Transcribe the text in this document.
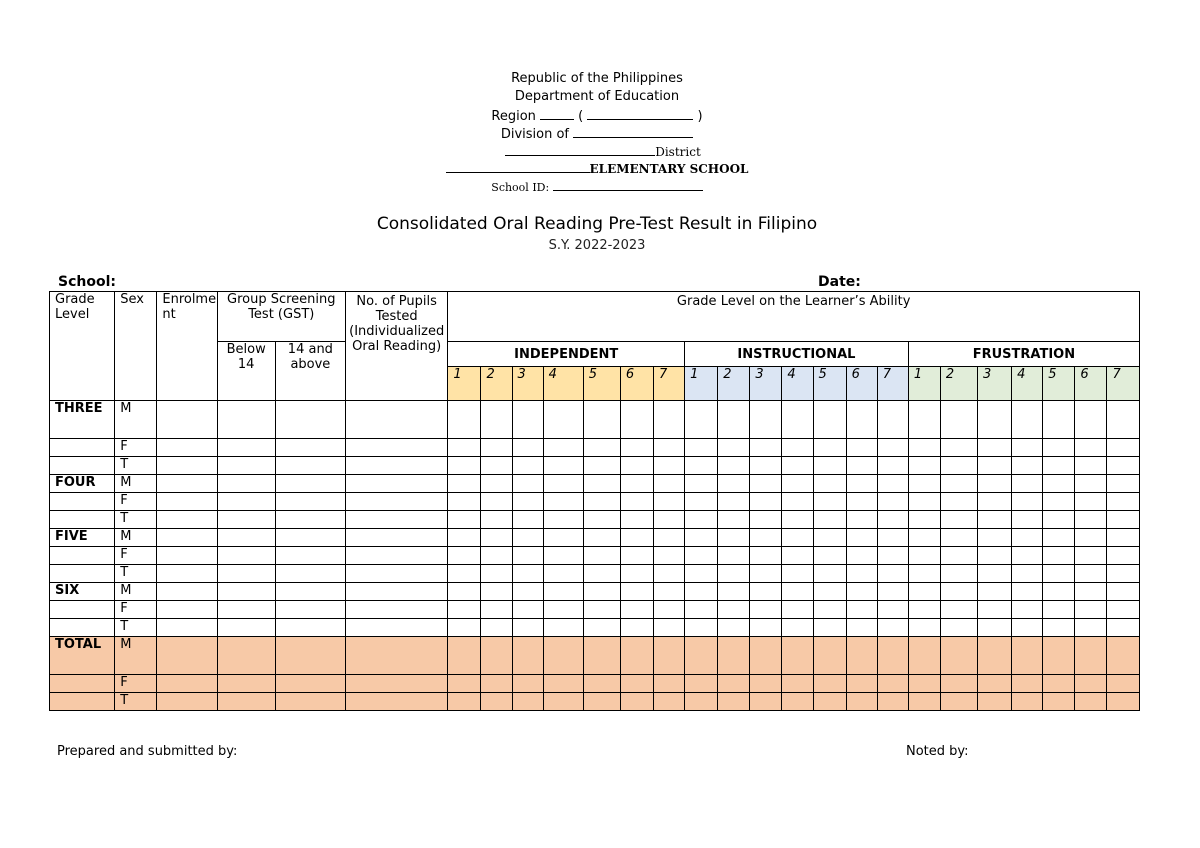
Republic of the Philippines
Department of Education
Region	(	)
Division of
District
ELEMENTARY SCHOOL
School ID:
Consolidated Oral Reading Pre-Test Result in Filipino
S.Y. 2022-2023
School:	Date:
Grade Level	Sex	Enrolment	Group Screening Test (GST)		No. of Pupils Tested (Individualized Oral Reading)	Grade Level on the Learner’s Ability																				
			Below 14	14 and above		INDEPENDENT							INSTRUCTIONAL							FRUSTRATION						
						1	2	3	4	5	6	7	1	2	3	4	5	6	7	1	2	3	4	5	6	7
THREE	M																									
	F																									
	T																									
FOUR	M																									
	F																									
	T																									
FIVE	M																									
	F																									
	T																									
SIX	M																									
	F																									
	T																									
TOTAL	M																									
	F																									
	T																									
Prepared and submitted by:	Noted by:
